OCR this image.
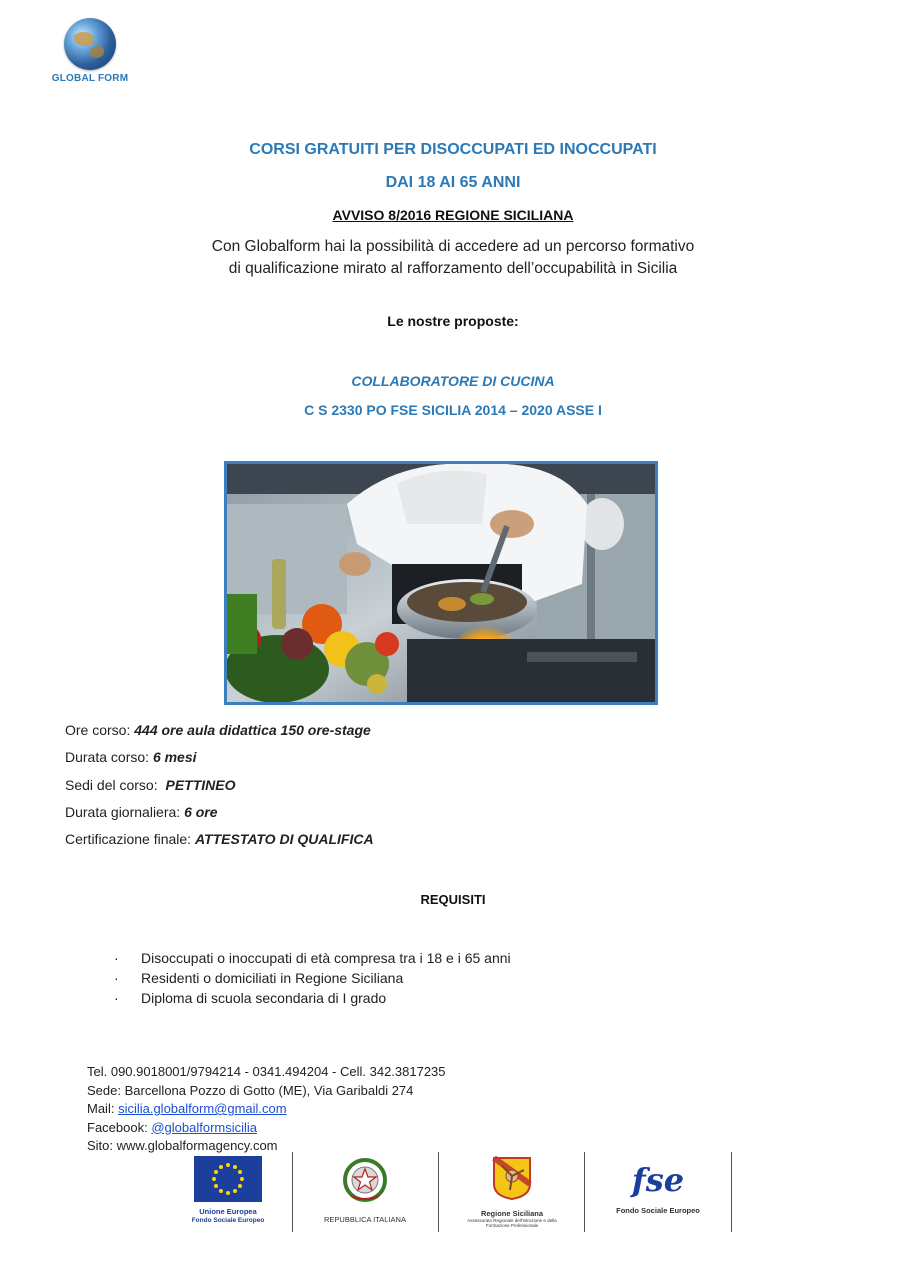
GLOBAL FORM
CORSI GRATUITI PER DISOCCUPATI ED INOCCUPATI
DAI 18 AI 65 ANNI
AVVISO 8/2016 REGIONE SICILIANA
Con Globalform hai la possibilità di accedere ad un percorso formativo
di qualificazione mirato al rafforzamento dell’occupabilità in Sicilia
Le nostre proposte:
COLLABORATORE DI CUCINA
C S 2330 PO FSE SICILIA 2014 – 2020 ASSE I
Ore corso: 444 ore aula didattica 150 ore-stage
Durata corso: 6 mesi
Sedi del corso: PETTINEO
Durata giornaliera: 6 ore
Certificazione finale: ATTESTATO DI QUALIFICA
REQUISITI
· Disoccupati o inoccupati di età compresa tra i 18 e i 65 anni
· Residenti o domiciliati in Regione Siciliana
· Diploma di scuola secondaria di I grado
Tel. 090.9018001/9794214 - 0341.494204 - Cell. 342.3817235
Sede: Barcellona Pozzo di Gotto (ME), Via Garibaldi 274
Mail: sicilia.globalform@gmail.com
Facebook: @globalformsicilia
Sito: www.globalformagency.com
Unione Europea
Fondo Sociale Europeo	REPUBBLICA ITALIANA
Regione Siciliana
Assessorato Regionale dell'Istruzione e della Formazione Professionale
fse
Fondo Sociale Europeo
